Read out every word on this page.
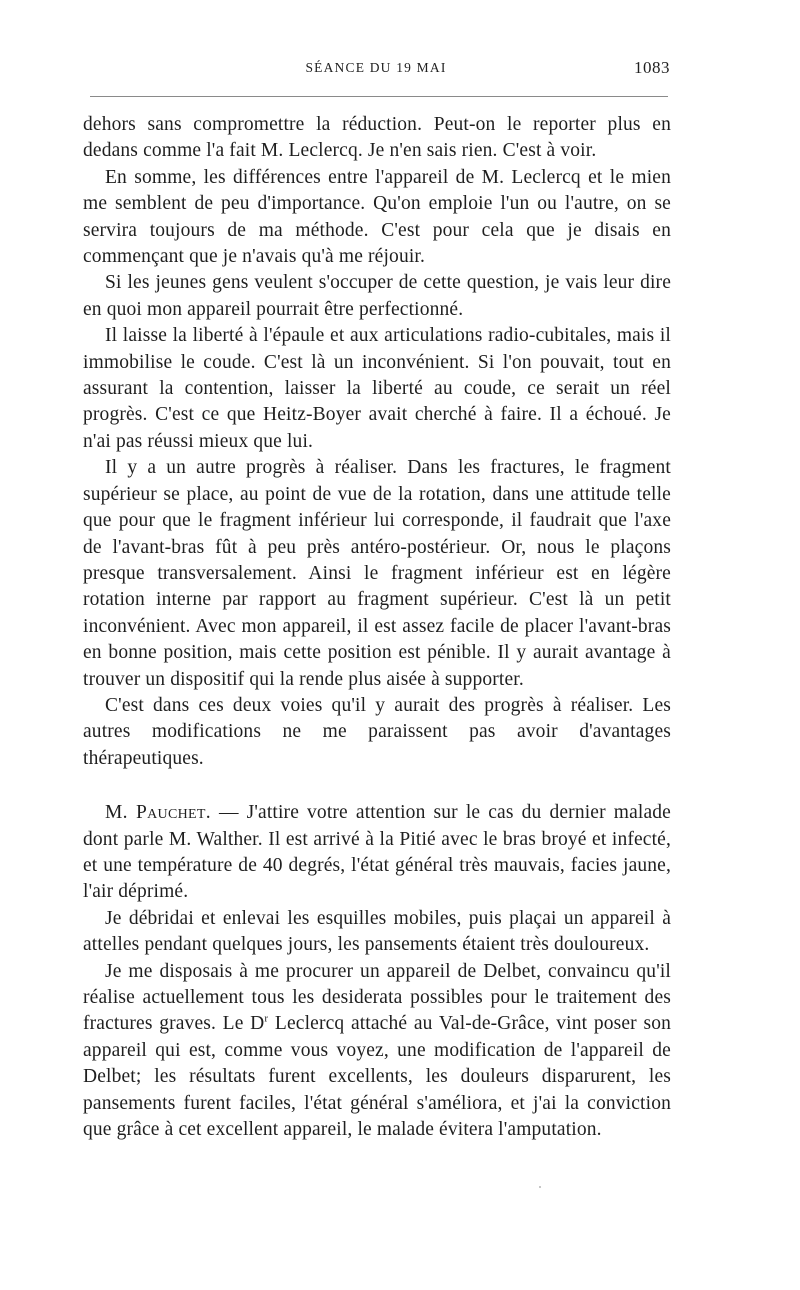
SÉANCE DU 19 MAI	1083

dehors sans compromettre la réduction. Peut-on le reporter plus en dedans comme l'a fait M. Leclercq. Je n'en sais rien. C'est à voir.

En somme, les différences entre l'appareil de M. Leclercq et le mien me semblent de peu d'importance. Qu'on emploie l'un ou l'autre, on se servira toujours de ma méthode. C'est pour cela que je disais en commençant que je n'avais qu'à me réjouir.

Si les jeunes gens veulent s'occuper de cette question, je vais leur dire en quoi mon appareil pourrait être perfectionné.

Il laisse la liberté à l'épaule et aux articulations radio-cubitales, mais il immobilise le coude. C'est là un inconvénient. Si l'on pouvait, tout en assurant la contention, laisser la liberté au coude, ce serait un réel progrès. C'est ce que Heitz-Boyer avait cherché à faire. Il a échoué. Je n'ai pas réussi mieux que lui.

Il y a un autre progrès à réaliser. Dans les fractures, le fragment supérieur se place, au point de vue de la rotation, dans une attitude telle que pour que le fragment inférieur lui corresponde, il faudrait que l'axe de l'avant-bras fût à peu près antéro-postérieur. Or, nous le plaçons presque transversalement. Ainsi le fragment inférieur est en légère rotation interne par rapport au fragment supérieur. C'est là un petit inconvénient. Avec mon appareil, il est assez facile de placer l'avant-bras en bonne position, mais cette position est pénible. Il y aurait avantage à trouver un dispositif qui la rende plus aisée à supporter.

C'est dans ces deux voies qu'il y aurait des progrès à réaliser. Les autres modifications ne me paraissent pas avoir d'avantages thérapeutiques.

M. Pauchet. — J'attire votre attention sur le cas du dernier malade dont parle M. Walther. Il est arrivé à la Pitié avec le bras broyé et infecté, et une température de 40 degrés, l'état général très mauvais, facies jaune, l'air déprimé.

Je débridai et enlevai les esquilles mobiles, puis plaçai un appareil à attelles pendant quelques jours, les pansements étaient très douloureux.

Je me disposais à me procurer un appareil de Delbet, convaincu qu'il réalise actuellement tous les desiderata possibles pour le traitement des fractures graves. Le $D^r$ Leclercq attaché au Val-de-Grâce, vint poser son appareil qui est, comme vous voyez, une modification de l'appareil de Delbet; les résultats furent excellents, les douleurs disparurent, les pansements furent faciles, l'état général s'améliora, et j'ai la conviction que grâce à cet excellent appareil, le malade évitera l'amputation.
